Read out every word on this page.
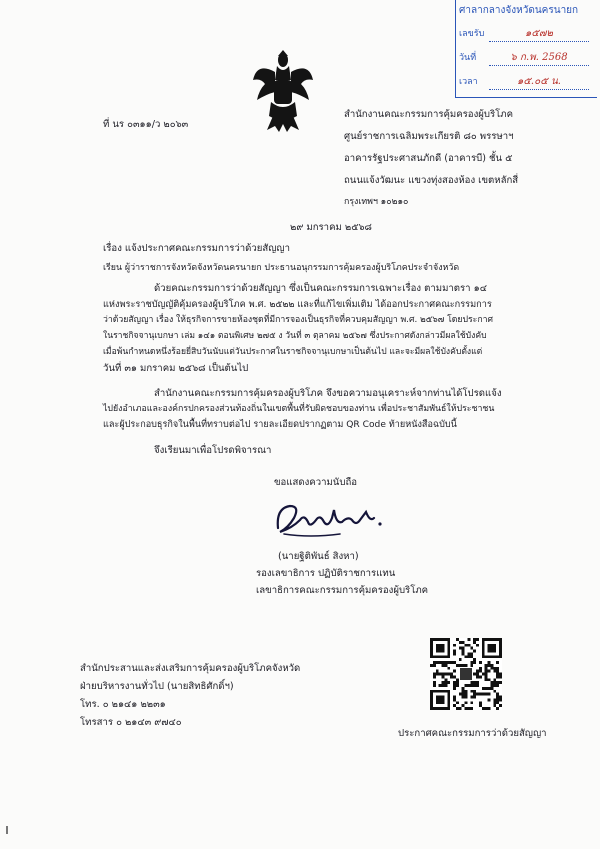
ศาลากลางจังหวัดนครนายก
เลขรับ	๑๕๗๒
วันที่	๖ ก.พ. 2568
เวลา	๑๕.๐๕ น.
ที่ นร ๐๓๑๑/ว ๒๐๖๓
สำนักงานคณะกรรมการคุ้มครองผู้บริโภค
ศูนย์ราชการเฉลิมพระเกียรติ ๘๐ พรรษาฯ
อาคารรัฐประศาสนภักดี (อาคารบี) ชั้น ๕
ถนนแจ้งวัฒนะ แขวงทุ่งสองห้อง เขตหลักสี่
กรุงเทพฯ ๑๐๒๑๐
๒๙ มกราคม ๒๕๖๘
เรื่อง แจ้งประกาศคณะกรรมการว่าด้วยสัญญา
เรียน ผู้ว่าราชการจังหวัดจังหวัดนครนายก ประธานอนุกรรมการคุ้มครองผู้บริโภคประจำจังหวัด
ด้วยคณะกรรมการว่าด้วยสัญญา ซึ่งเป็นคณะกรรมการเฉพาะเรื่อง ตามมาตรา ๑๔
แห่งพระราชบัญญัติคุ้มครองผู้บริโภค พ.ศ. ๒๕๒๒ และที่แก้ไขเพิ่มเติม ได้ออกประกาศคณะกรรมการ
ว่าด้วยสัญญา เรื่อง ให้ธุรกิจการขายห้องชุดที่มีการจองเป็นธุรกิจที่ควบคุมสัญญา พ.ศ. ๒๕๖๗ โดยประกาศ
ในราชกิจจานุเบกษา เล่ม ๑๔๑ ตอนพิเศษ ๒๗๕ ง วันที่ ๓ ตุลาคม ๒๕๖๗ ซึ่งประกาศดังกล่าวมีผลใช้บังคับ
เมื่อพ้นกำหนดหนึ่งร้อยยี่สิบวันนับแต่วันประกาศในราชกิจจานุเบกษาเป็นต้นไป และจะมีผลใช้บังคับตั้งแต่
วันที่ ๓๑ มกราคม ๒๕๖๘ เป็นต้นไป
สำนักงานคณะกรรมการคุ้มครองผู้บริโภค จึงขอความอนุเคราะห์จากท่านได้โปรดแจ้ง
ไปยังอำเภอและองค์กรปกครองส่วนท้องถิ่นในเขตพื้นที่รับผิดชอบของท่าน เพื่อประชาสัมพันธ์ให้ประชาชน
และผู้ประกอบธุรกิจในพื้นที่ทราบต่อไป รายละเอียดปรากฏตาม QR Code ท้ายหนังสือฉบับนี้
จึงเรียนมาเพื่อโปรดพิจารณา
ขอแสดงความนับถือ
(นายฐิติพันธ์ สิงหา)
รองเลขาธิการ ปฏิบัติราชการแทน
เลขาธิการคณะกรรมการคุ้มครองผู้บริโภค
สำนักประสานและส่งเสริมการคุ้มครองผู้บริโภคจังหวัด
ฝ่ายบริหารงานทั่วไป (นายสิทธิศักดิ์ฯ)
โทร. ๐ ๒๑๔๑ ๒๒๓๑
โทรสาร ๐ ๒๑๔๓ ๙๗๔๐
ประกาศคณะกรรมการว่าด้วยสัญญา
